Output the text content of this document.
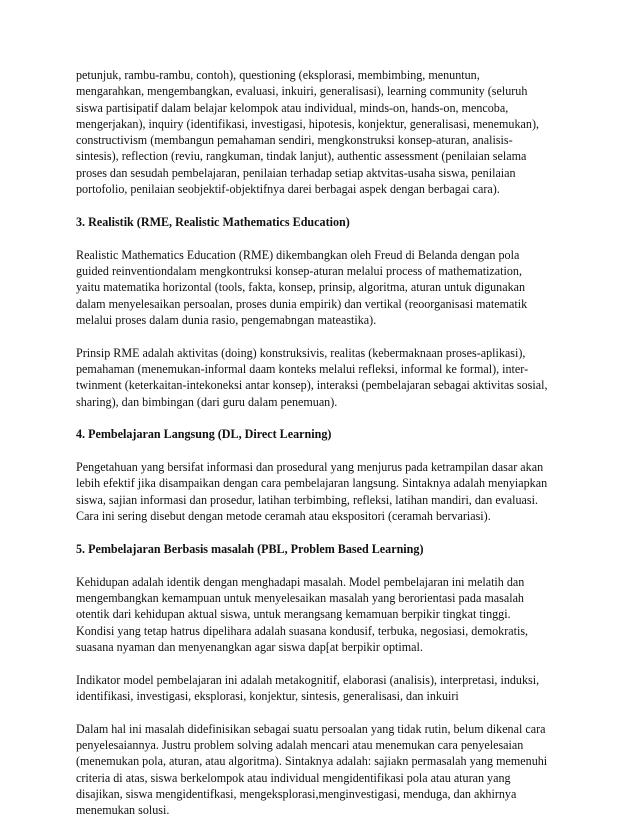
petunjuk, rambu-rambu, contoh), questioning (eksplorasi, membimbing, menuntun,
mengarahkan, mengembangkan, evaluasi, inkuiri, generalisasi), learning community (seluruh
siswa partisipatif dalam belajar kelompok atau individual, minds-on, hands-on, mencoba,
mengerjakan), inquiry (identifikasi, investigasi, hipotesis, konjektur, generalisasi, menemukan),
constructivism (membangun pemahaman sendiri, mengkonstruksi konsep-aturan, analisis-
sintesis), reflection (reviu, rangkuman, tindak lanjut), authentic assessment (penilaian selama
proses dan sesudah pembelajaran, penilaian terhadap setiap aktvitas-usaha siswa, penilaian
portofolio, penilaian seobjektif-objektifnya darei berbagai aspek dengan berbagai cara).

3. Realistik (RME, Realistic Mathematics Education)

Realistic Mathematics Education (RME) dikembangkan oleh Freud di Belanda dengan pola
guided reinventiondalam mengkontruksi konsep-aturan melalui process of mathematization,
yaitu matematika horizontal (tools, fakta, konsep, prinsip, algoritma, aturan untuk digunakan
dalam menyelesaikan persoalan, proses dunia empirik) dan vertikal (reoorganisasi matematik
melalui proses dalam dunia rasio, pengemabngan mateastika).

Prinsip RME adalah aktivitas (doing) konstruksivis, realitas (kebermaknaan proses-aplikasi),
pemahaman (menemukan-informal daam konteks melalui refleksi, informal ke formal), inter-
twinment (keterkaitan-intekoneksi antar konsep), interaksi (pembelajaran sebagai aktivitas sosial,
sharing), dan bimbingan (dari guru dalam penemuan).

4. Pembelajaran Langsung (DL, Direct Learning)

Pengetahuan yang bersifat informasi dan prosedural yang menjurus pada ketrampilan dasar akan
lebih efektif jika disampaikan dengan cara pembelajaran langsung. Sintaknya adalah menyiapkan
siswa, sajian informasi dan prosedur, latihan terbimbing, refleksi, latihan mandiri, dan evaluasi.
Cara ini sering disebut dengan metode ceramah atau ekspositori (ceramah bervariasi).

5. Pembelajaran Berbasis masalah (PBL, Problem Based Learning)

Kehidupan adalah identik dengan menghadapi masalah. Model pembelajaran ini melatih dan
mengembangkan kemampuan untuk menyelesaikan masalah yang berorientasi pada masalah
otentik dari kehidupan aktual siswa, untuk merangsang kemamuan berpikir tingkat tinggi.
Kondisi yang tetap hatrus dipelihara adalah suasana kondusif, terbuka, negosiasi, demokratis,
suasana nyaman dan menyenangkan agar siswa dap[at berpikir optimal.

Indikator model pembelajaran ini adalah metakognitif, elaborasi (analisis), interpretasi, induksi,
identifikasi, investigasi, eksplorasi, konjektur, sintesis, generalisasi, dan inkuiri

Dalam hal ini masalah didefinisikan sebagai suatu persoalan yang tidak rutin, belum dikenal cara
penyelesaiannya. Justru problem solving adalah mencari atau menemukan cara penyelesaian
(menemukan pola, aturan, atau algoritma). Sintaknya adalah: sajiakn permasalah yang memenuhi
criteria di atas, siswa berkelompok atau individual mengidentifikasi pola atau aturan yang
disajikan, siswa mengidentifkasi, mengeksplorasi,menginvestigasi, menduga, dan akhirnya
menemukan solusi.
